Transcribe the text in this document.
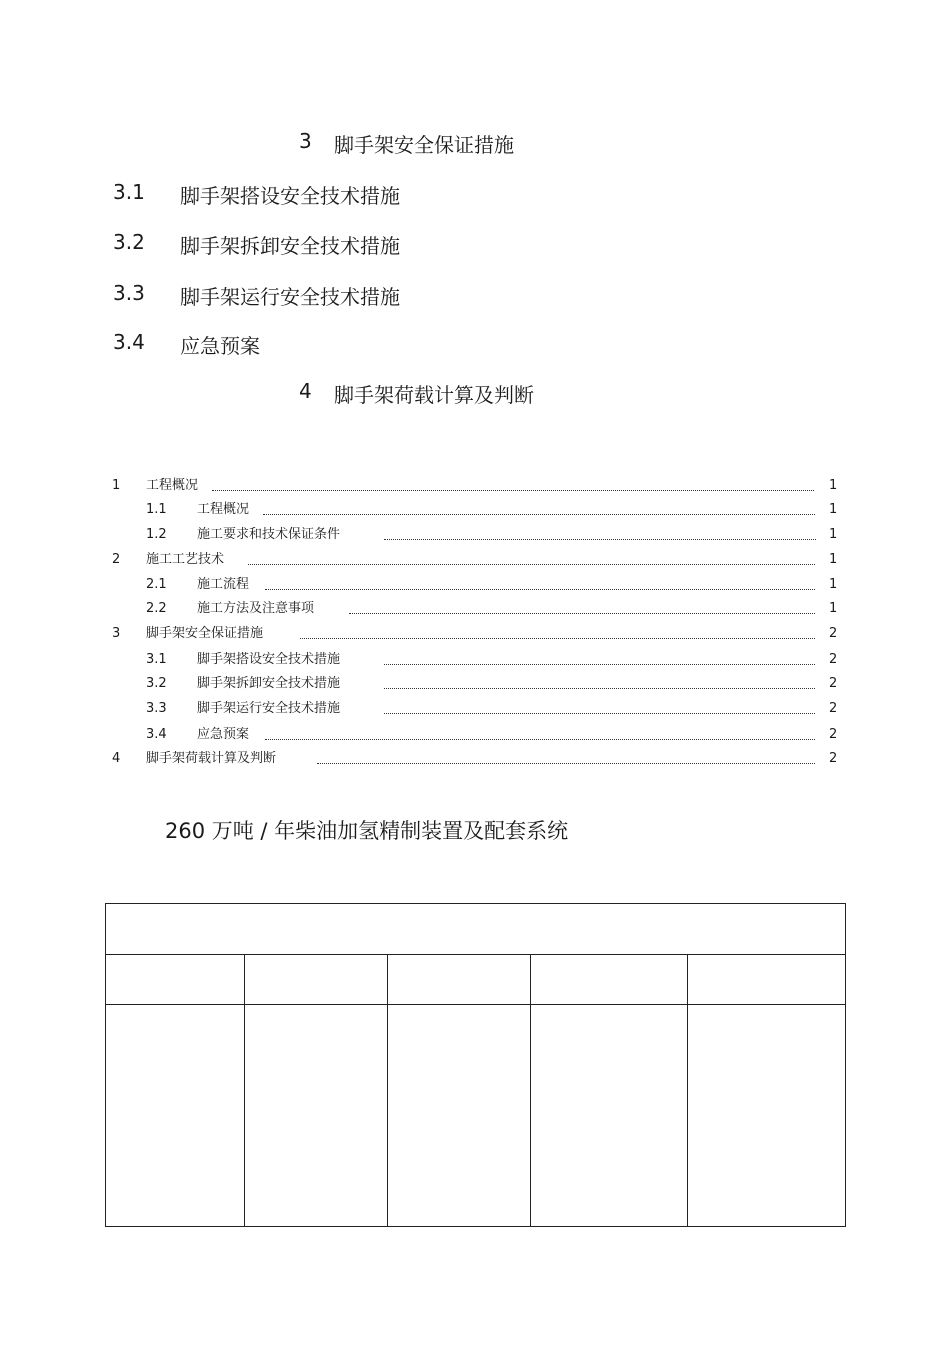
3 脚手架安全保证措施
3.1 脚手架搭设安全技术措施
3.2 脚手架拆卸安全技术措施
3.3 脚手架运行安全技术措施
3.4 应急预案
4 脚手架荷载计算及判断
1 工程概况	1
1.1 工程概况	1
1.2 施工要求和技术保证条件	1
2 施工工艺技术	1
2.1 施工流程	1
2.2 施工方法及注意事项	1
3 脚手架安全保证措施	2
3.1 脚手架搭设安全技术措施	2
3.2 脚手架拆卸安全技术措施	2
3.3 脚手架运行安全技术措施	2
3.4 应急预案	2
4 脚手架荷载计算及判断	2
260 万吨 / 年柴油加氢精制装置及配套系统
